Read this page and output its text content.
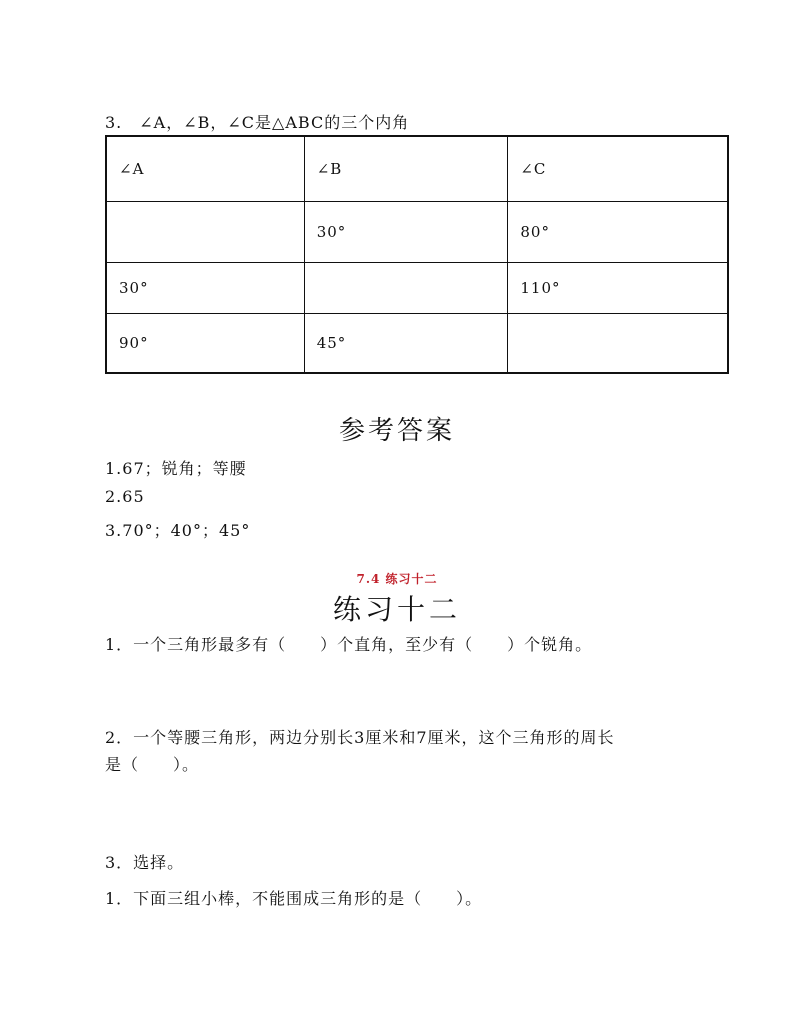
3.　∠A，∠B，∠C是△ABC的三个内角
∠A	∠B	∠C
	30°	80°
30°		110°
90°	45°	
参考答案
1.67；锐角；等腰
2.65
3.70°；40°；45°
7.4 练习十二
练习十二
1．一个三角形最多有（　　）个直角，至少有（　　）个锐角。
2．一个等腰三角形，两边分别长3厘米和7厘米，这个三角形的周长
是（　　）。
3．选择。
1．下面三组小棒，不能围成三角形的是（　　）。
